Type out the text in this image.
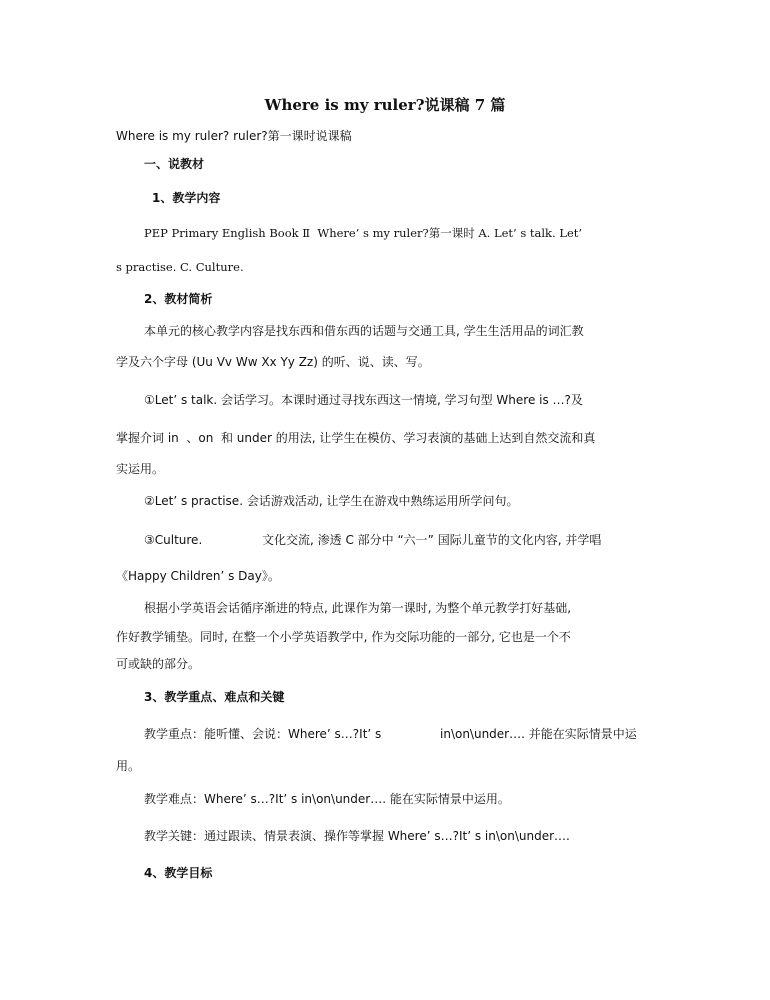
Where is my ruler?说课稿 7 篇
Where is my ruler? ruler?第一课时说课稿
一、说教材
1、教学内容
PEP Primary English Book Ⅱ  Where’ s my ruler?第一课时 A. Let’ s talk. Let’
s practise. C. Culture.
2、教材简析
本单元的核心教学内容是找东西和借东西的话题与交通工具, 学生生活用品的词汇教
学及六个字母 (Uu Vv Ww Xx Yy Zz) 的听、说、读、写。
①Let’ s talk. 会话学习。本课时通过寻找东西这一情境, 学习句型 Where is …?及
掌握介词 in  、on  和 under 的用法, 让学生在模仿、学习表演的基础上达到自然交流和真
实运用。
②Let’ s practise. 会话游戏活动, 让学生在游戏中熟练运用所学问句。
③Culture.	文化交流, 渗透 C 部分中 “六一” 国际儿童节的文化内容, 并学唱
《Happy Children’ s Day》。
根据小学英语会话循序渐进的特点, 此课作为第一课时, 为整个单元教学打好基础,
作好教学铺垫。同时, 在整一个小学英语教学中, 作为交际功能的一部分, 它也是一个不
可或缺的部分。
3、教学重点、难点和关键
教学重点：能听懂、会说：Where’ s…?It’ s	in\on\under…. 并能在实际情景中运
用。
教学难点：Where’ s…?It’ s in\on\under…. 能在实际情景中运用。
教学关键：通过跟读、情景表演、操作等掌握 Where’ s…?It’ s in\on\under….
4、教学目标
